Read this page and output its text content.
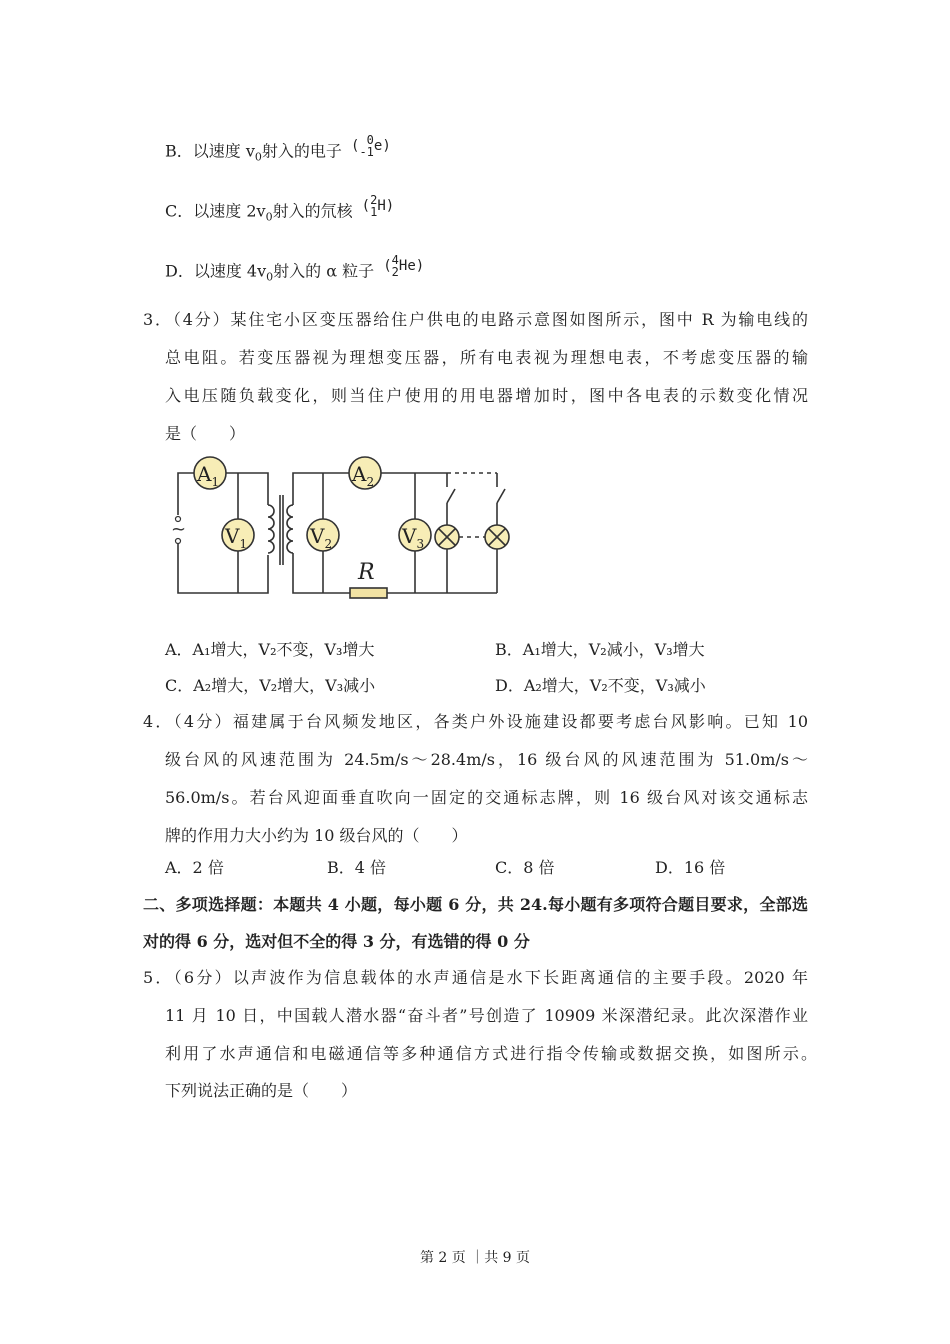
B．以速度 $v_0$射入的电子 ( 0
-1e)
C．以速度 $2v_0$射入的氘核 (2
1H)
D．以速度 $4v_0$射入的 α 粒子 (4
2He)
3．（4分）某住宅小区变压器给住户供电的电路示意图如图所示，图中 R 为输电线的
总电阻。若变压器视为理想变压器，所有电表视为理想电表，不考虑变压器的输
入电压随负载变化，则当住户使用的用电器增加时，图中各电表的示数变化情况
是（　　）
~
$A_1$
$V_1$
$A_2$
$V_2$	$V_3$
R
A．A₁增大，V₂不变，V₃增大	B．A₁增大，V₂减小，V₃增大
C．A₂增大，V₂增大，V₃减小	D．A₂增大，V₂不变，V₃减小
4．（4分）福建属于台风频发地区，各类户外设施建设都要考虑台风影响。已知 10
级台风的风速范围为 24.5m/s～28.4m/s，16 级台风的风速范围为 51.0m/s～
56.0m/s。若台风迎面垂直吹向一固定的交通标志牌，则 16 级台风对该交通标志
牌的作用力大小约为 10 级台风的（　　）
A．2 倍	B．4 倍	C．8 倍	D．16 倍
二、多项选择题：本题共 4 小题，每小题 6 分，共 24.每小题有多项符合题目要求，全部选
对的得 6 分，选对但不全的得 3 分，有选错的得 0 分
5．（6分）以声波作为信息载体的水声通信是水下长距离通信的主要手段。2020 年
11 月 10 日，中国载人潜水器“奋斗者”号创造了 10909 米深潜纪录。此次深潜作业
利用了水声通信和电磁通信等多种通信方式进行指令传输或数据交换，如图所示。
下列说法正确的是（　　）
第 2 页 ｜共 9 页
